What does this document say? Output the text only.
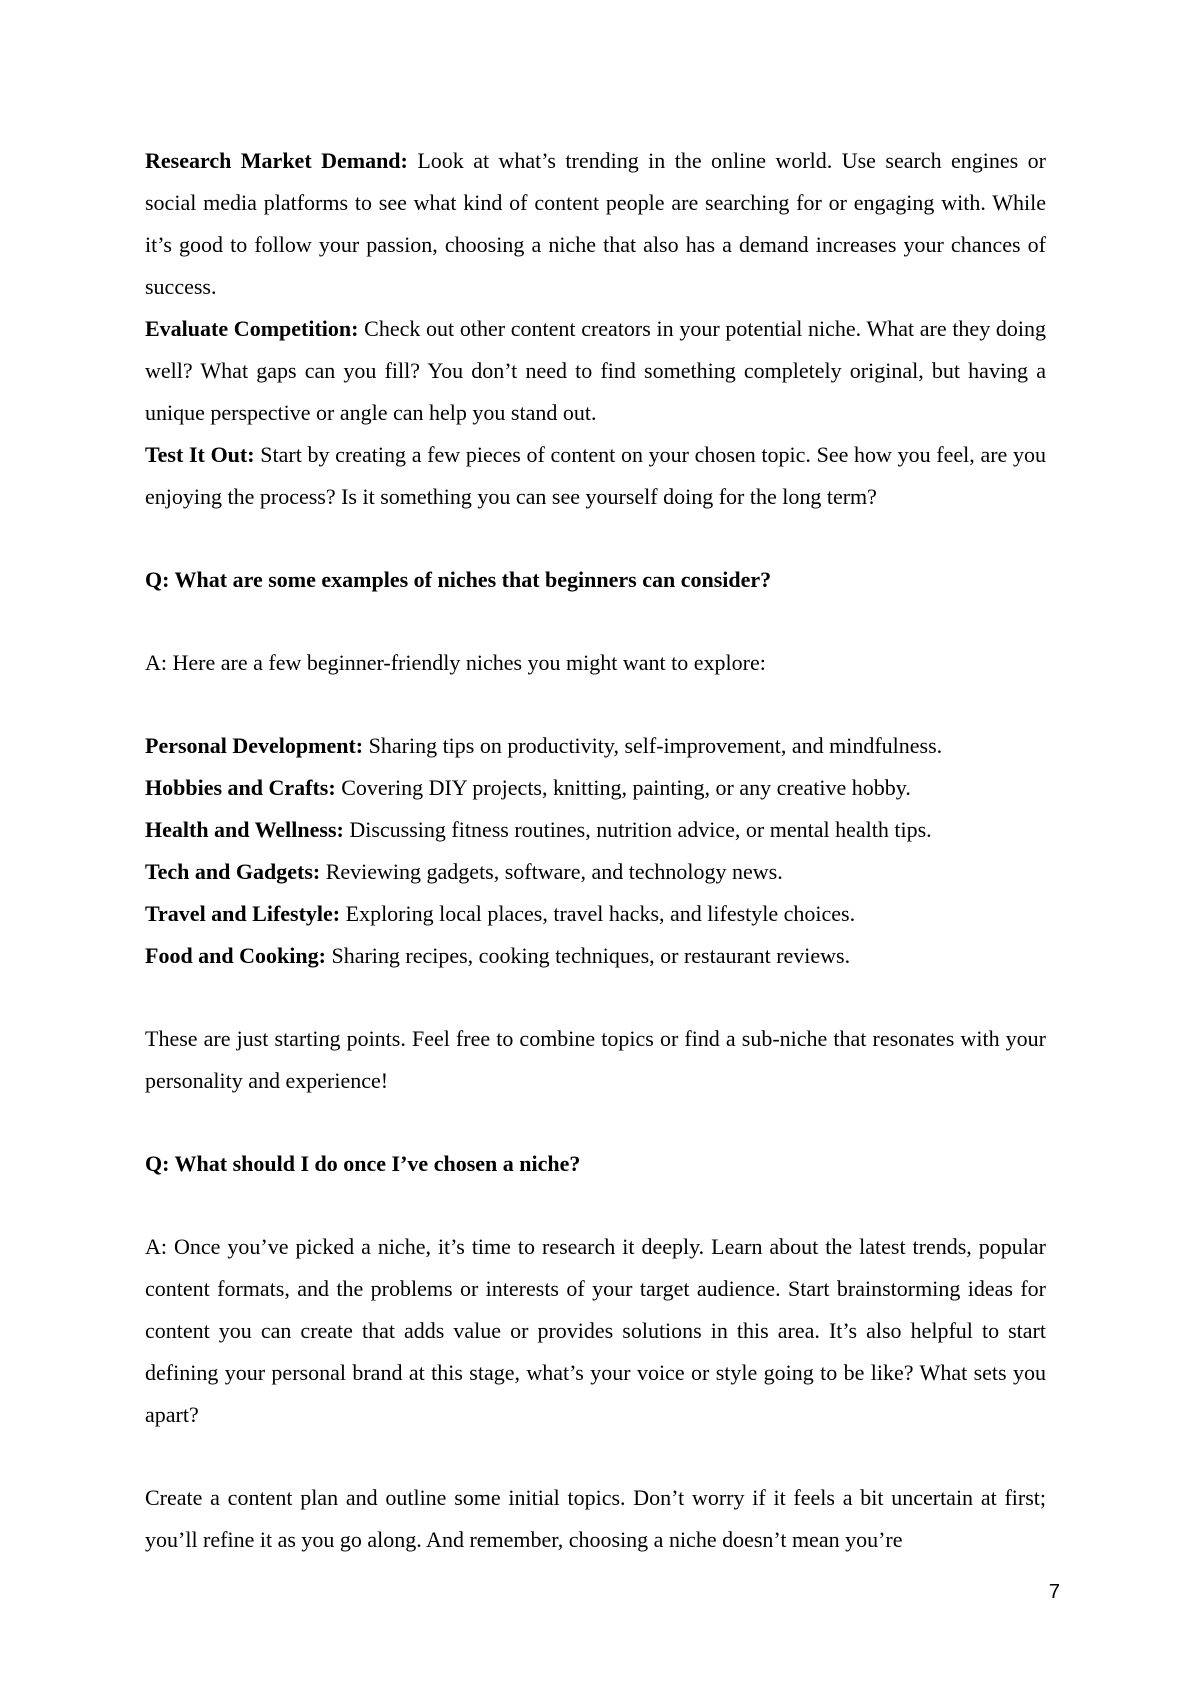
Research Market Demand: Look at what’s trending in the online world. Use search engines or social media platforms to see what kind of content people are searching for or engaging with. While it’s good to follow your passion, choosing a niche that also has a demand increases your chances of success.

Evaluate Competition: Check out other content creators in your potential niche. What are they doing well? What gaps can you fill? You don’t need to find something completely original, but having a unique perspective or angle can help you stand out.

Test It Out: Start by creating a few pieces of content on your chosen topic. See how you feel, are you enjoying the process? Is it something you can see yourself doing for the long term?

Q: What are some examples of niches that beginners can consider?

A: Here are a few beginner-friendly niches you might want to explore:

Personal Development: Sharing tips on productivity, self-improvement, and mindfulness.

Hobbies and Crafts: Covering DIY projects, knitting, painting, or any creative hobby.

Health and Wellness: Discussing fitness routines, nutrition advice, or mental health tips.

Tech and Gadgets: Reviewing gadgets, software, and technology news.

Travel and Lifestyle: Exploring local places, travel hacks, and lifestyle choices.

Food and Cooking: Sharing recipes, cooking techniques, or restaurant reviews.

These are just starting points. Feel free to combine topics or find a sub-niche that resonates with your personality and experience!

Q: What should I do once I’ve chosen a niche?

A: Once you’ve picked a niche, it’s time to research it deeply. Learn about the latest trends, popular content formats, and the problems or interests of your target audience. Start brainstorming ideas for content you can create that adds value or provides solutions in this area. It’s also helpful to start defining your personal brand at this stage, what’s your voice or style going to be like? What sets you apart?

Create a content plan and outline some initial topics. Don’t worry if it feels a bit uncertain at first; you’ll refine it as you go along. And remember, choosing a niche doesn’t mean you’re

7
